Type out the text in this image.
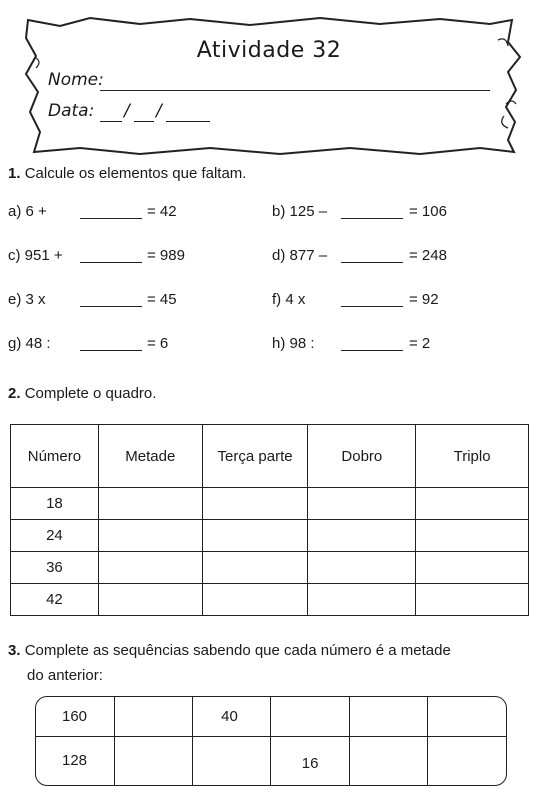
Atividade 32
Nome:
Data: / /
1. Calcule os elementos que faltam.
a) 6 +	= 42
c) 951 +	= 989
e) 3 x	= 45
g) 48 :	= 6
b) 125 –	= 106
d) 877 –	= 248
f) 4 x	= 92
h) 98 :	= 2
2. Complete o quadro.
Número	Metade	Terça parte	Dobro	Triplo
18				
24				
36				
42				
3. Complete as sequências sabendo que cada número é a metade
do anterior:
160		40			
128			16		
